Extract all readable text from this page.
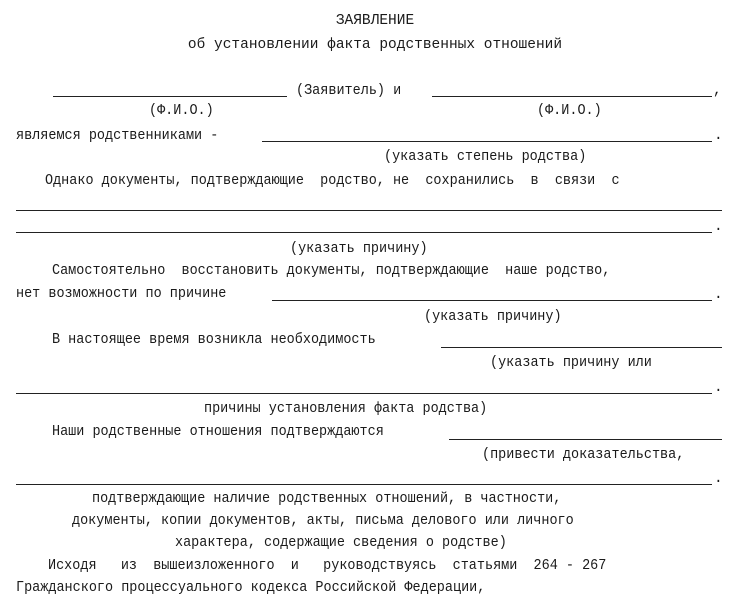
ЗАЯВЛЕНИЕ
об установлении факта родственных отношений
(Заявитель) и	,
(Ф.И.О.)	(Ф.И.О.)
являемся родственниками -	.
(указать степень родства)
Однако документы, подтверждающие  родство, не  сохранились  в  связи  с
.
(указать причину)
Самостоятельно  восстановить документы, подтверждающие  наше родство,
нет возможности по причине	.
(указать причину)
В настоящее время возникла необходимость
(указать причину или
.
причины установления факта родства)
Наши родственные отношения подтверждаются
(привести доказательства,
.
подтверждающие наличие родственных отношений, в частности,
документы, копии документов, акты, письма делового или личного
характера, содержащие сведения о родстве)
Исходя   из  вышеизложенного  и   руководствуясь  статьями  264 - 267
Гражданского процессуального кодекса Российской Федерации,
